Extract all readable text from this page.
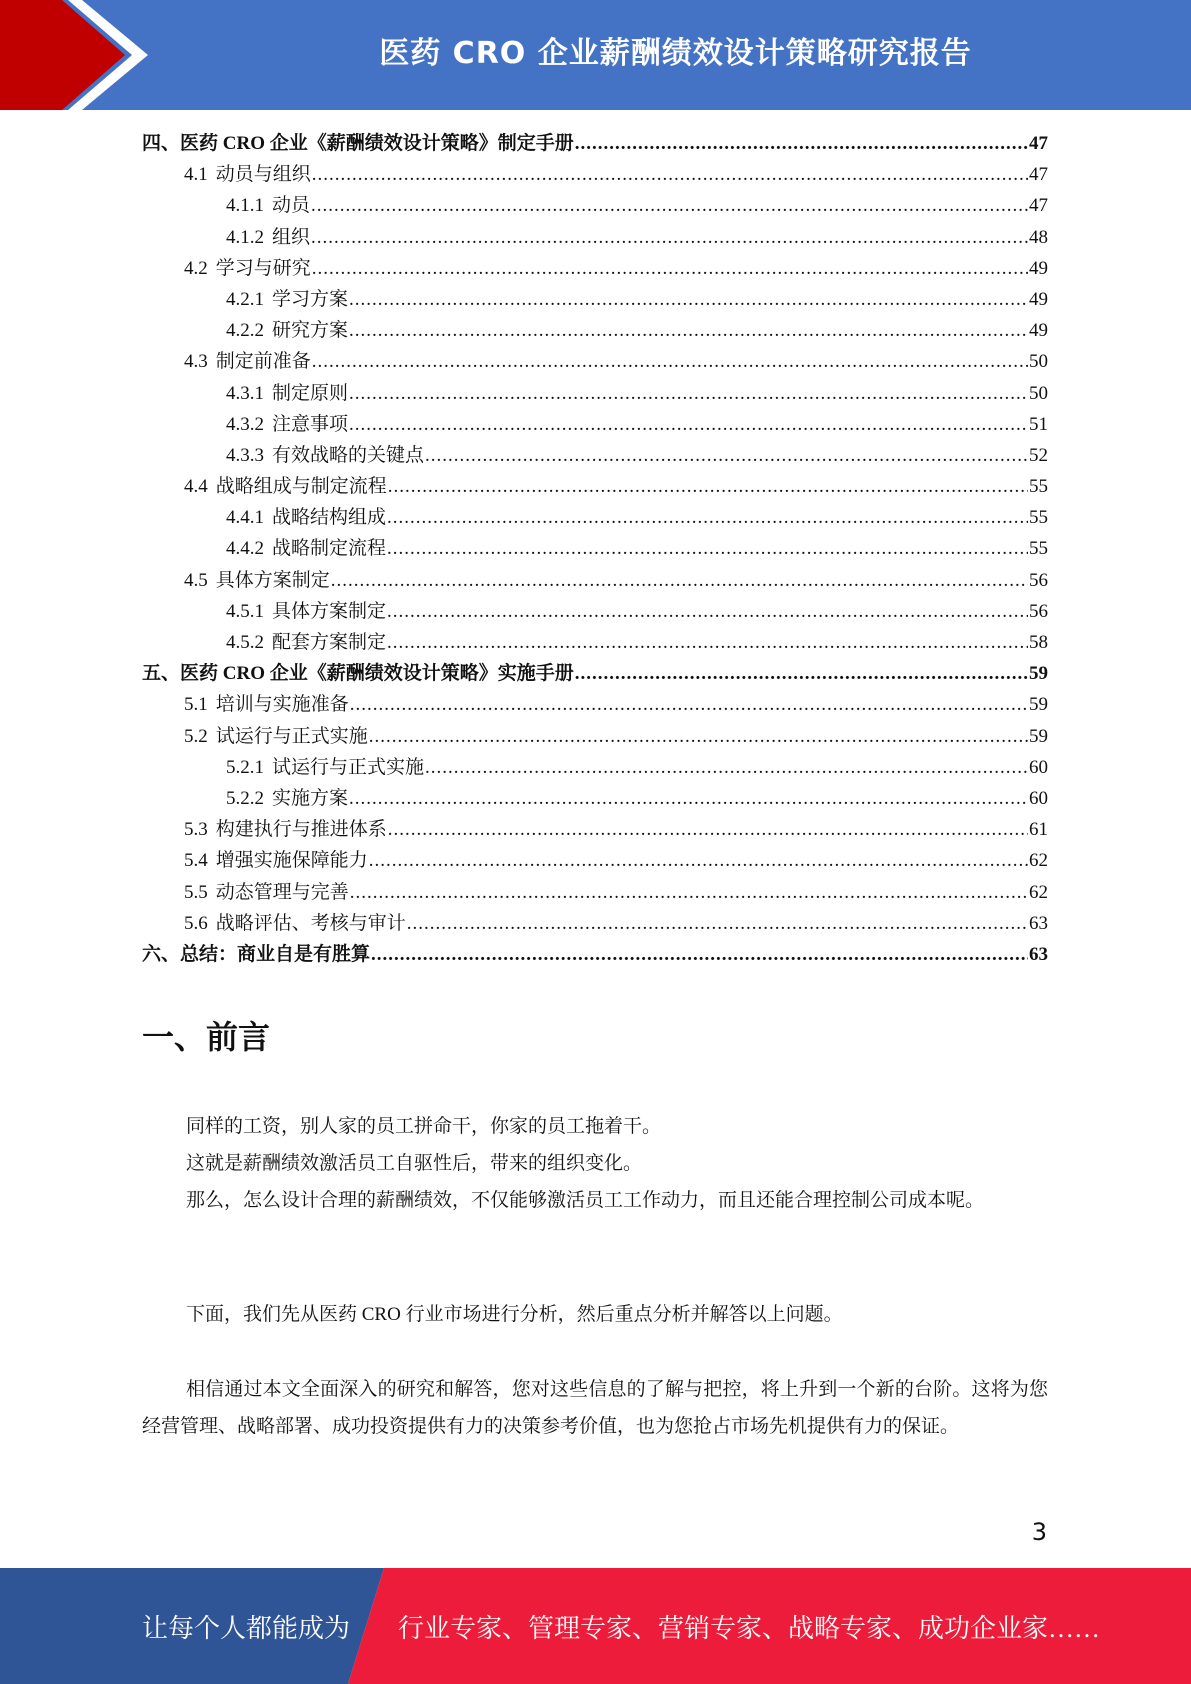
医药 CRO 企业薪酬绩效设计策略研究报告
四、 医药 CRO 企业《薪酬绩效设计策略》制定手册 .....	47
4.1 动员与组织 .....	47
4.1.1 动员 .....	47
4.1.2 组织 .....	48
4.2 学习与研究 .....	49
4.2.1 学习方案 .....	49
4.2.2 研究方案 .....	49
4.3 制定前准备 .....	50
4.3.1 制定原则 .....	50
4.3.2 注意事项 .....	51
4.3.3 有效战略的关键点 .....	52
4.4 战略组成与制定流程 .....	55
4.4.1 战略结构组成 .....	55
4.4.2 战略制定流程 .....	55
4.5 具体方案制定 .....	56
4.5.1 具体方案制定 .....	56
4.5.2 配套方案制定 .....	58
五、 医药 CRO 企业《薪酬绩效设计策略》实施手册 .....	59
5.1 培训与实施准备 .....	59
5.2 试运行与正式实施 .....	59
5.2.1 试运行与正式实施 .....	60
5.2.2 实施方案 .....	60
5.3 构建执行与推进体系 .....	61
5.4 增强实施保障能力 .....	62
5.5 动态管理与完善 .....	62
5.6 战略评估、考核与审计 .....	63
六、 总结：商业自是有胜算 .....	63
一、前言
同样的工资，别人家的员工拼命干，你家的员工拖着干。
这就是薪酬绩效激活员工自驱性后，带来的组织变化。
那么，怎么设计合理的薪酬绩效，不仅能够激活员工工作动力，而且还能合理控制公司成本呢。
下面，我们先从医药 CRO 行业市场进行分析，然后重点分析并解答以上问题。
相信通过本文全面深入的研究和解答，您对这些信息的了解与把控，将上升到一个新的台阶。这将为您经营管理、战略部署、成功投资提供有力的决策参考价值，也为您抢占市场先机提供有力的保证。
3
让每个人都能成为 行业专家、管理专家、营销专家、战略专家、成功企业家……
